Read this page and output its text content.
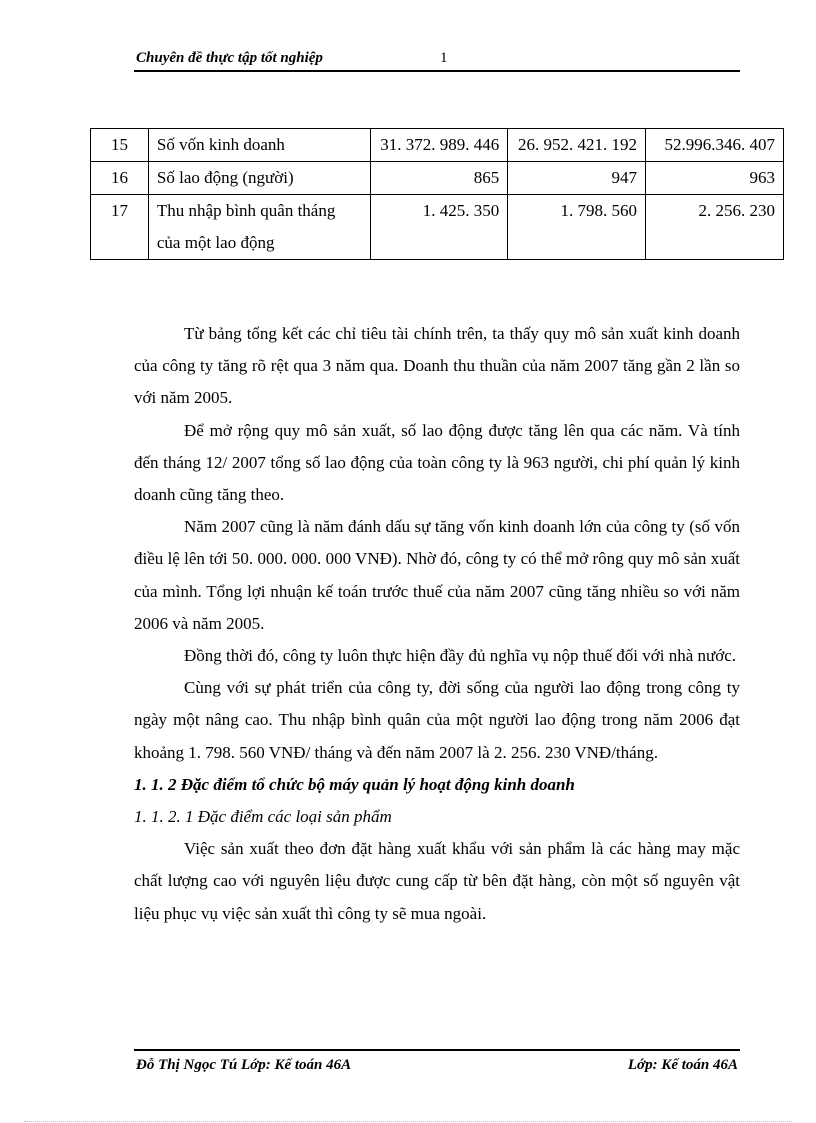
Chuyên đề thực tập tốt nghiệp	1
15	Số vốn kinh doanh	31. 372. 989. 446	26. 952. 421. 192	52.996.346. 407
16	Số lao động (người)	865	947	963
17	Thu nhập bình quân tháng của một lao động	1. 425. 350	1. 798. 560	2. 256. 230

Từ bảng tổng kết các chỉ tiêu tài chính trên, ta thấy quy mô sản xuất kinh doanh của công ty tăng rõ rệt qua 3 năm qua. Doanh thu thuần của năm 2007 tăng gần 2 lần so với năm 2005.

Để mở rộng quy mô sản xuất, số lao động được tăng lên qua các năm. Và tính đến tháng 12/ 2007 tổng số lao động của toàn công ty là 963 người, chi phí quản lý kinh doanh cũng tăng theo.

Năm 2007 cũng là năm đánh dấu sự tăng vốn kinh doanh lớn của công ty (số vốn điều lệ lên tới 50. 000. 000. 000 VNĐ). Nhờ đó, công ty có thể mở rông quy mô sản xuất của mình. Tổng lợi nhuận kế toán trước thuế của năm 2007 cũng tăng nhiều so với năm 2006 và năm 2005.

Đồng thời đó, công ty luôn thực hiện đầy đủ nghĩa vụ nộp thuế đối với nhà nước.

Cùng với sự phát triển của công ty, đời sống của người lao động trong công ty ngày một nâng cao. Thu nhập bình quân của một người lao động trong năm 2006 đạt khoảng 1. 798. 560 VNĐ/ tháng và đến năm 2007 là 2. 256. 230 VNĐ/tháng.

1. 1. 2 Đặc điểm tổ chức bộ máy quản lý hoạt động kinh doanh
1. 1. 2. 1 Đặc điểm các loại sản phẩm

Việc sản xuất theo đơn đặt hàng xuất khẩu với sản phẩm là các hàng may mặc chất lượng cao với nguyên liệu được cung cấp từ bên đặt hàng, còn một số nguyên vật liệu phục vụ việc sản xuất thì công ty sẽ mua ngoài.

Đỗ Thị Ngọc Tú Lớp: Kế toán 46A	Lớp: Kế toán 46A
